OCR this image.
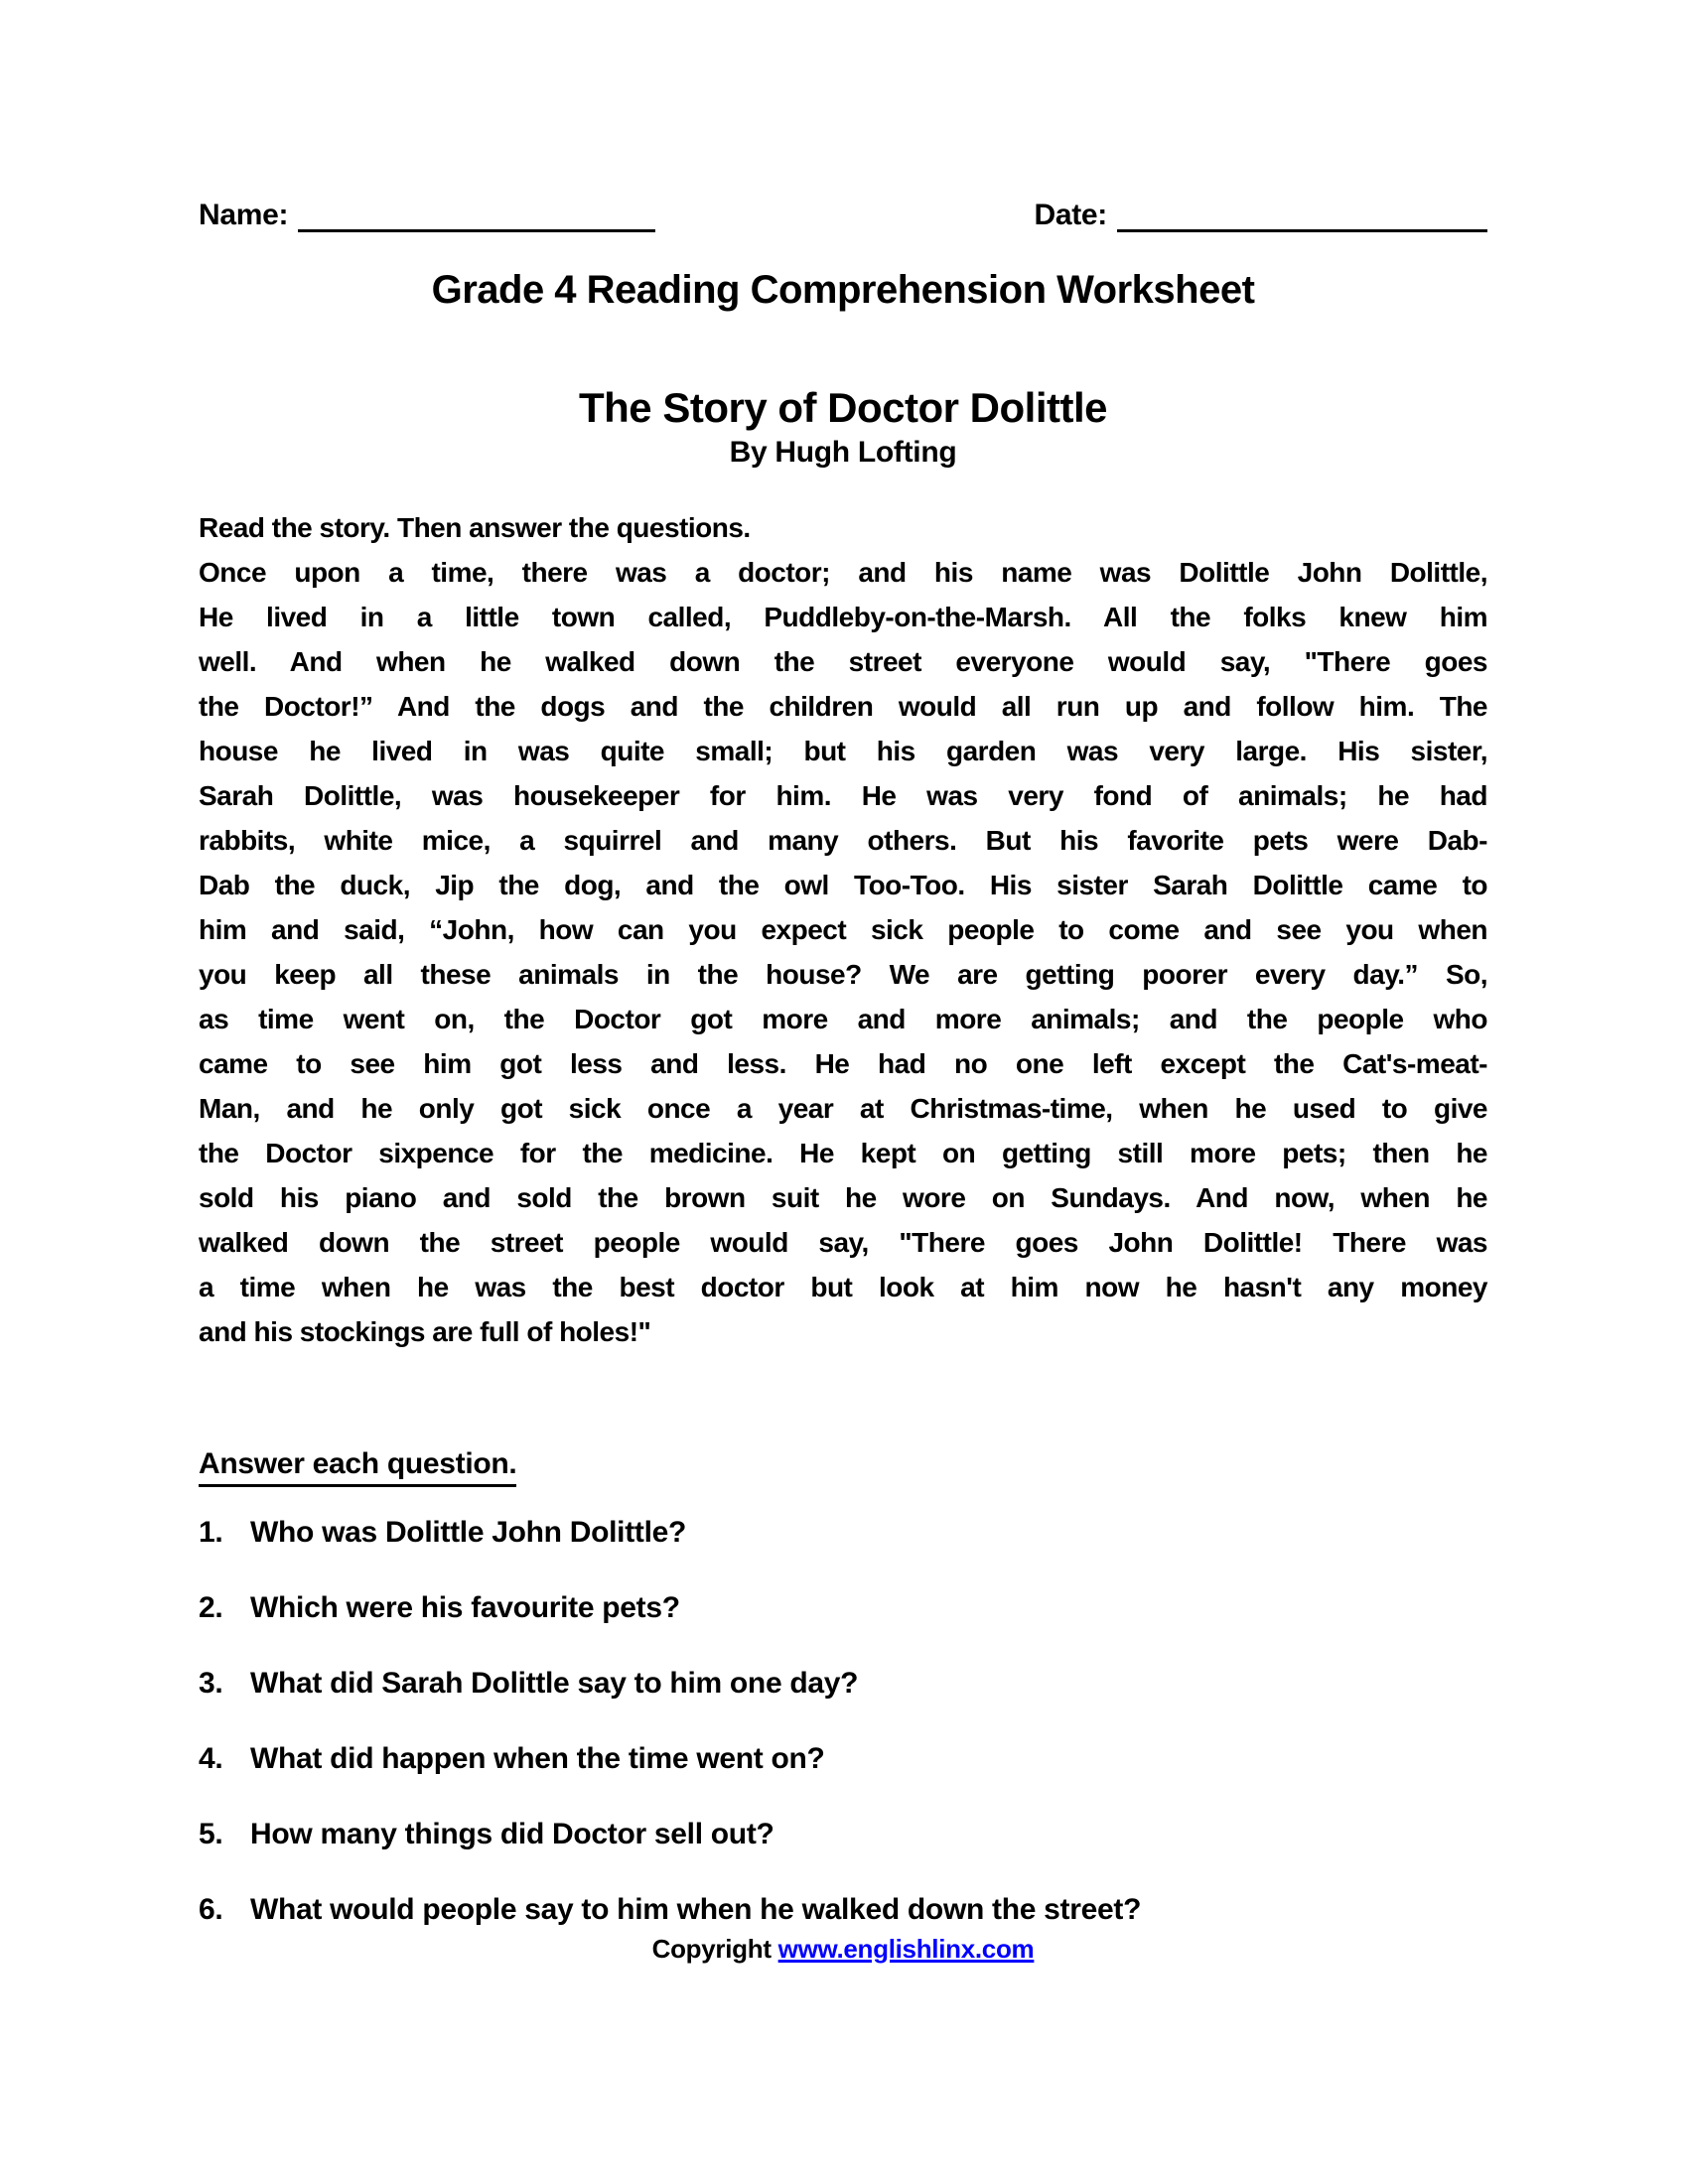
Name:	Date:
Grade 4 Reading Comprehension Worksheet
The Story of Doctor Dolittle
By Hugh Lofting
Read the story. Then answer the questions.
Once upon a time, there was a doctor; and his name was Dolittle John Dolittle,
He lived in a little town called, Puddleby-on-the-Marsh. All the folks knew him
well. And when he walked down the street everyone would say, "There goes
the Doctor!” And the dogs and the children would all run up and follow him. The
house he lived in was quite small; but his garden was very large. His sister,
Sarah Dolittle, was housekeeper for him. He was very fond of animals; he had
rabbits, white mice, a squirrel and many others. But his favorite pets were Dab-
Dab the duck, Jip the dog, and the owl Too-Too. His sister Sarah Dolittle came to
him and said, “John, how can you expect sick people to come and see you when
you keep all these animals in the house? We are getting poorer every day.” So,
as time went on, the Doctor got more and more animals; and the people who
came to see him got less and less. He had no one left except the Cat's-meat-
Man, and he only got sick once a year at Christmas-time, when he used to give
the Doctor sixpence for the medicine. He kept on getting still more pets; then he
sold his piano and sold the brown suit he wore on Sundays. And now, when he
walked down the street people would say, "There goes John Dolittle! There was
a time when he was the best doctor but look at him now he hasn't any money
and his stockings are full of holes!"
Answer each question.
1. Who was Dolittle John Dolittle?
2. Which were his favourite pets?
3. What did Sarah Dolittle say to him one day?
4. What did happen when the time went on?
5. How many things did Doctor sell out?
6. What would people say to him when he walked down the street?
Copyright www.englishlinx.com
